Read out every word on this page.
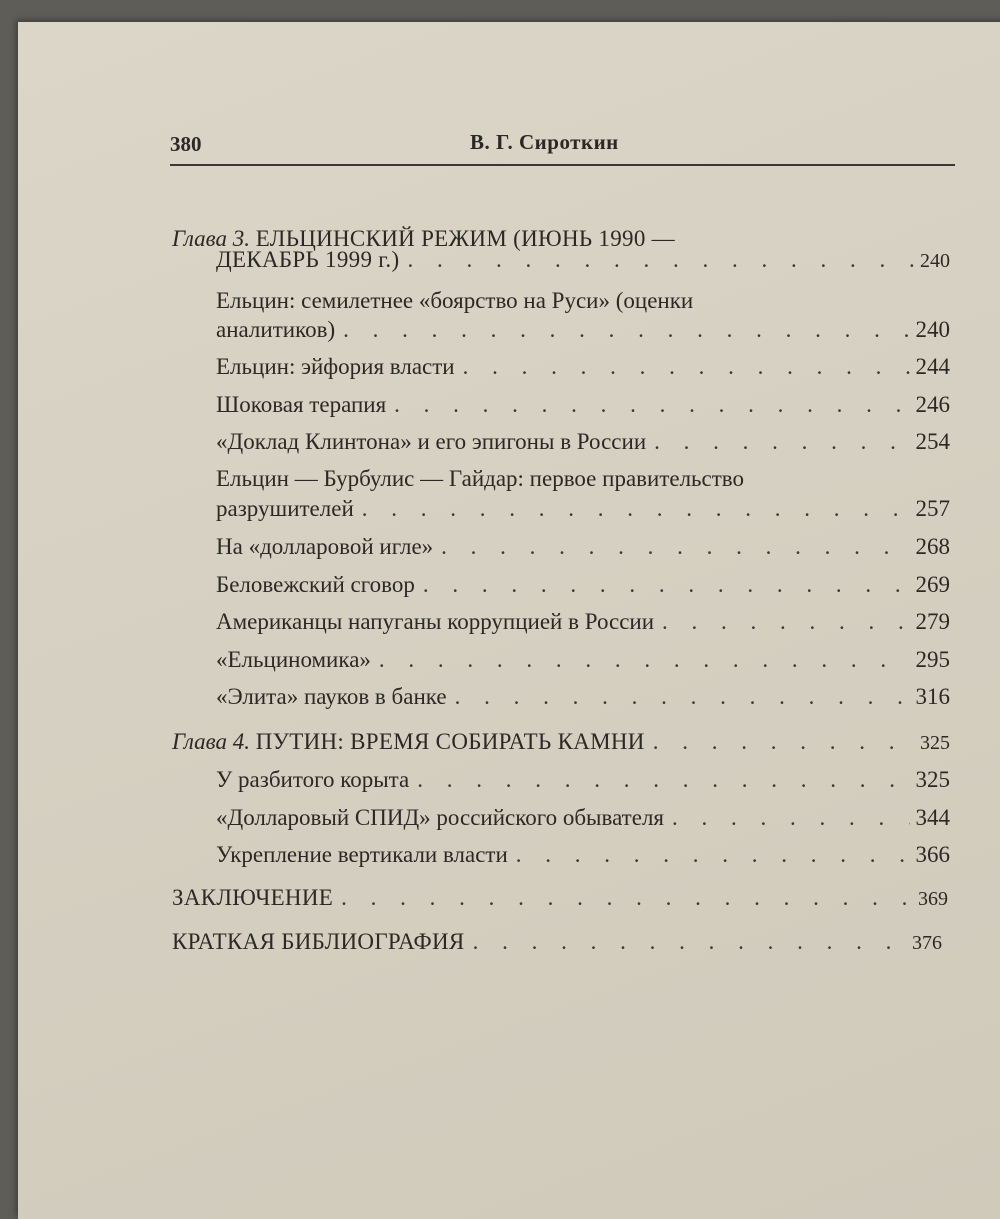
380	В. Г. Сироткин
Глава 3. ЕЛЬЦИНСКИЙ РЕЖИМ (ИЮНЬ 1990 —
ДЕКАБРЬ 1999 г.) . . .	240
Ельцин: семилетнее «боярство на Руси» (оценки
аналитиков) . . .	240
Ельцин: эйфория власти . . .	244
Шоковая терапия . . .	246
«Доклад Клинтона» и его эпигоны в России . . .	254
Ельцин — Бурбулис — Гайдар: первое правительство
разрушителей . . .	257
На «долларовой игле» . . .	268
Беловежский сговор . . .	269
Американцы напуганы коррупцией в России . . .	279
«Ельциномика» . . .	295
«Элита» пауков в банке . . .	316
Глава 4. ПУТИН: ВРЕМЯ СОБИРАТЬ КАМНИ . . .	325
У разбитого корыта . . .	325
«Долларовый СПИД» российского обывателя . . .	344
Укрепление вертикали власти . . .	366
ЗАКЛЮЧЕНИЕ . . .	369
КРАТКАЯ БИБЛИОГРАФИЯ . . .	376
